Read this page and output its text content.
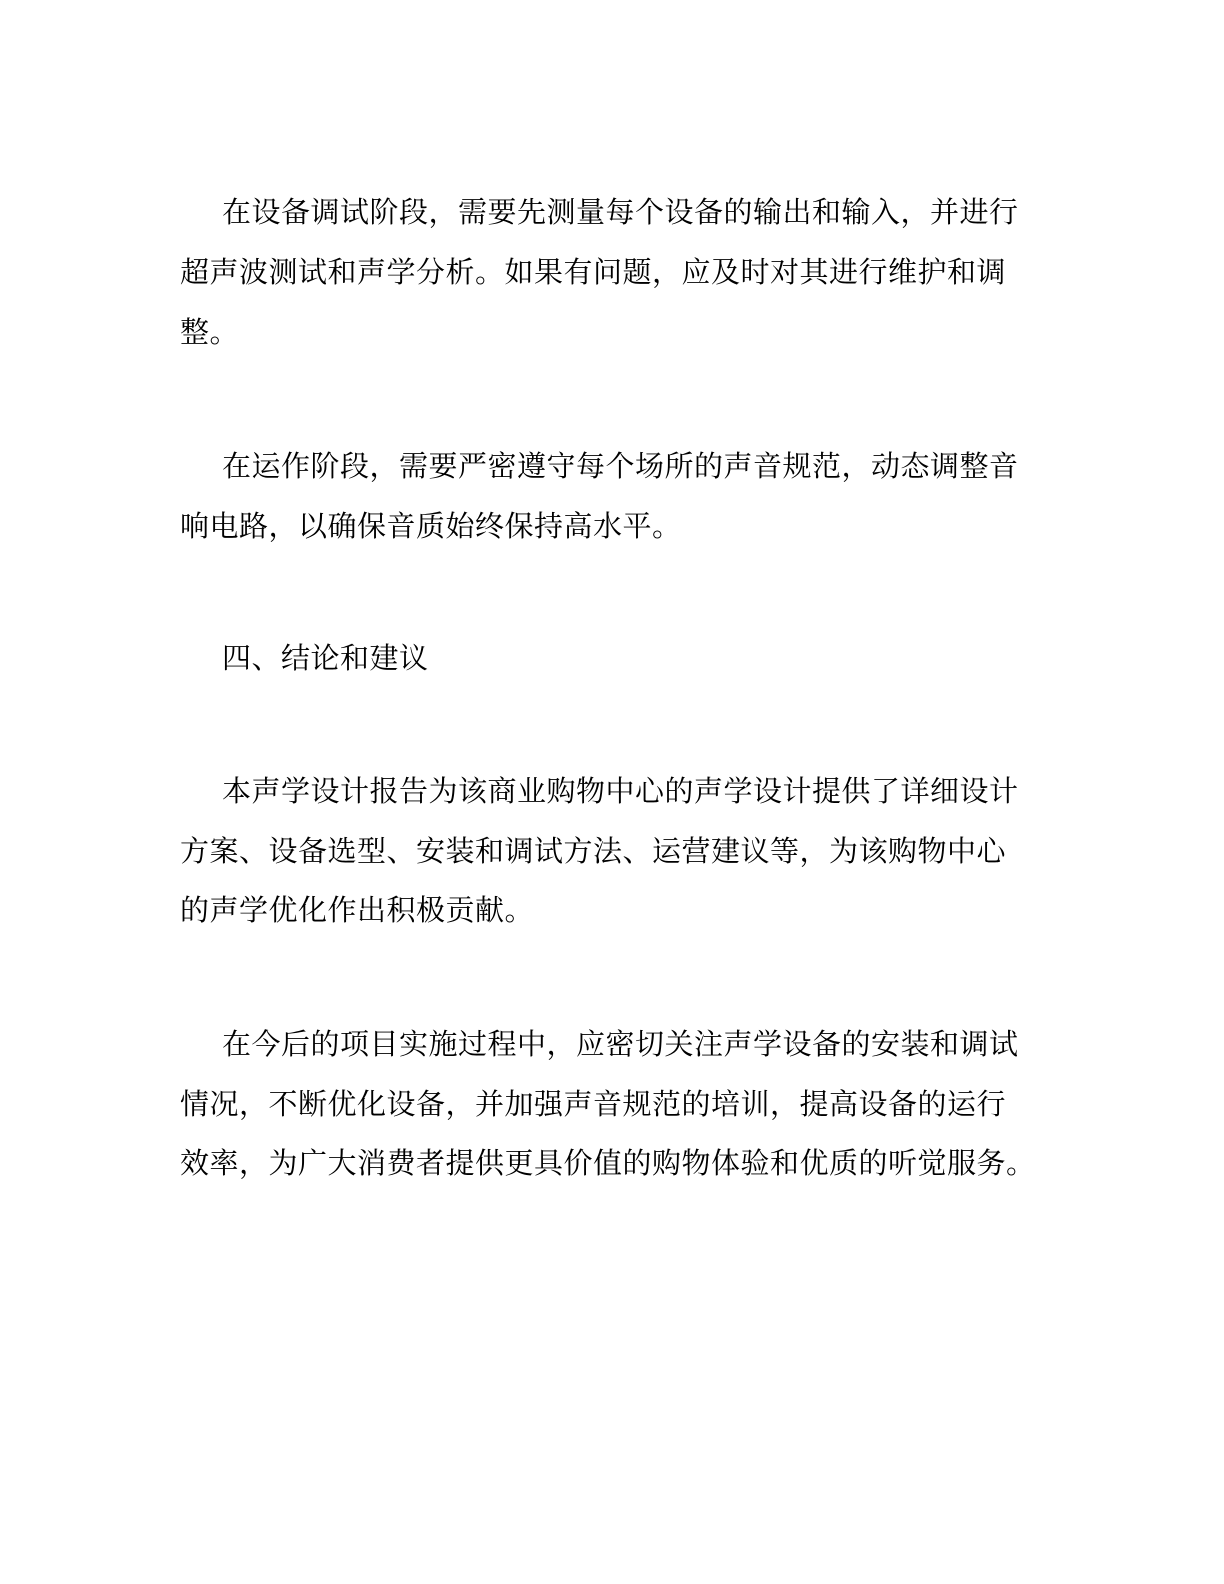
在设备调试阶段，需要先测量每个设备的输出和输入，并进行
超声波测试和声学分析。如果有问题，应及时对其进行维护和调
整。
在运作阶段，需要严密遵守每个场所的声音规范，动态调整音
响电路，以确保音质始终保持高水平。
四、结论和建议
本声学设计报告为该商业购物中心的声学设计提供了详细设计
方案、设备选型、安装和调试方法、运营建议等，为该购物中心
的声学优化作出积极贡献。
在今后的项目实施过程中，应密切关注声学设备的安装和调试
情况，不断优化设备，并加强声音规范的培训，提高设备的运行
效率，为广大消费者提供更具价值的购物体验和优质的听觉服务。
